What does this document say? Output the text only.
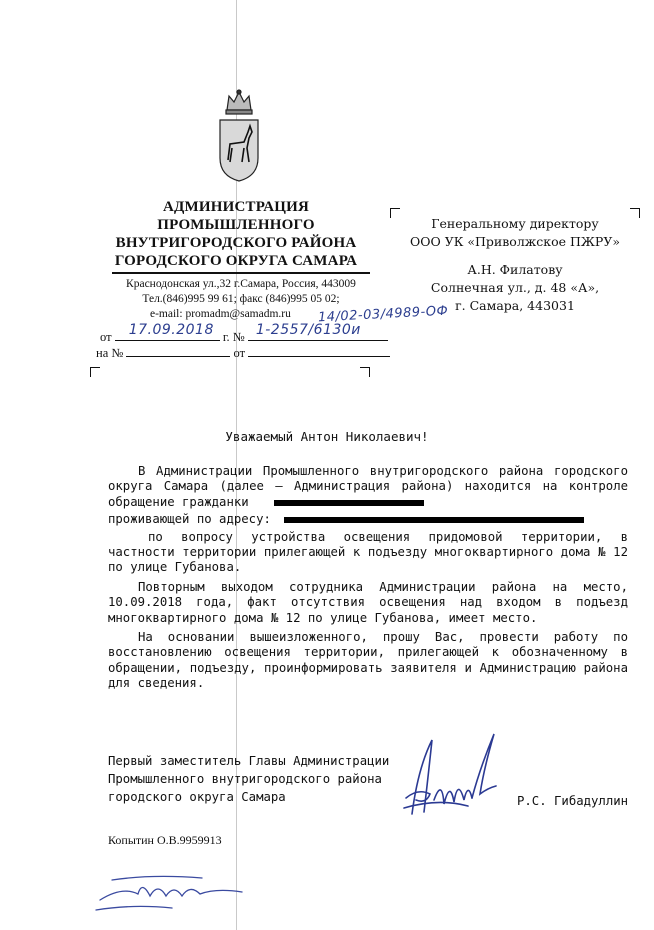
АДМИНИСТРАЦИЯ
ПРОМЫШЛЕННОГО
ВНУТРИГОРОДСКОГО РАЙОНА
ГОРОДСКОГО ОКРУГА САМАРА
Краснодонская ул.,32 г.Самара, Россия, 443009
Тел.(846)995 99 61; факс (846)995 05 02;
e-mail: promadm@samadm.ru	14/02-03/4989-ОФ
от 17.09.2018 г. № 1-2557/6130и
на №	от
Генеральному директору
ООО УК «Приволжское ПЖРУ»
А.Н. Филатову
Солнечная ул., д. 48 «А»,
г. Самара, 443031
Уважаемый Антон Николаевич!

В Администрации Промышленного внутригородского района городского округа Самара (далее – Администрация района) находится на контроле обращение гражданки

проживающей по адресу:

по вопросу устройства освещения придомовой территории, в частности территории прилегающей к подъезду многоквартирного дома № 12 по улице Губанова.

Повторным выходом сотрудника Администрации района на место, 10.09.2018 года, факт отсутствия освещения над входом в подъезд многоквартирного дома № 12 по улице Губанова, имеет место.

На основании вышеизложенного, прошу Вас, провести работу по восстановлению освещения территории, прилегающей к обозначенному в обращении, подъезду, проинформировать заявителя и Администрацию района для сведения.

Первый заместитель Главы Администрации
Промышленного внутригородского района
городского округа Самара	Р.С. Гибадуллин
Копытин О.В.9959913
